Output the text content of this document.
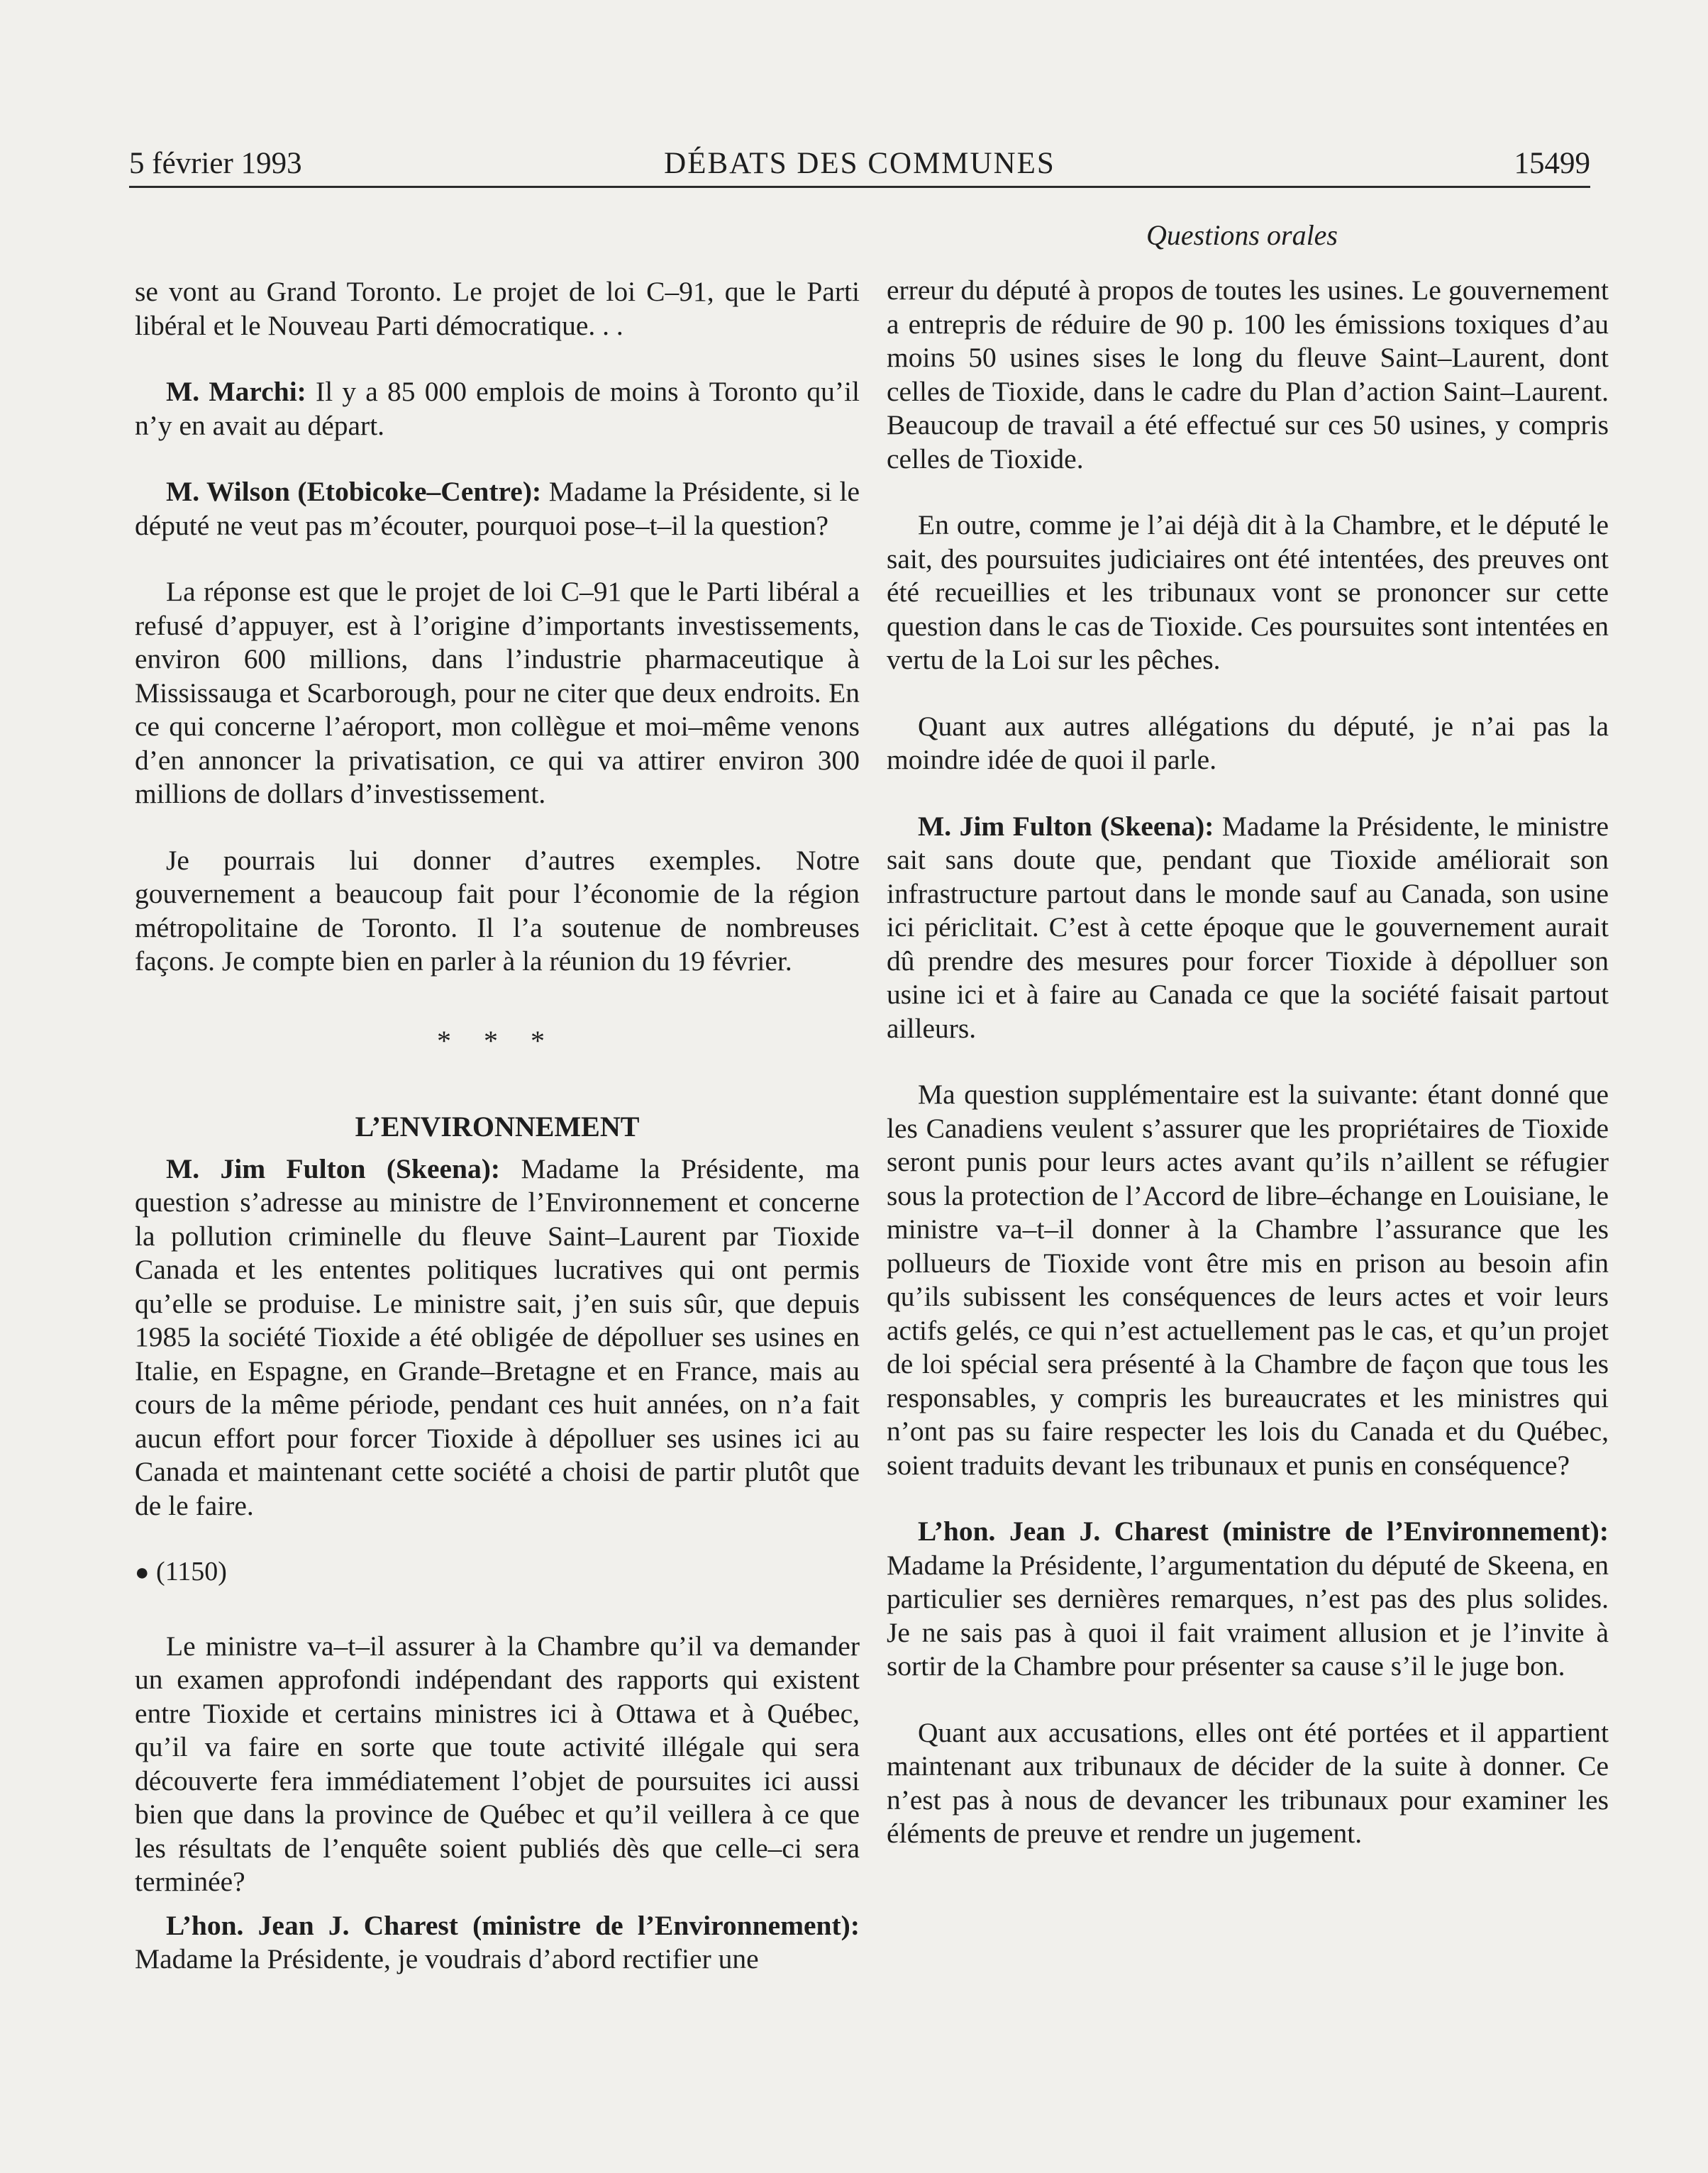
5 février 1993	DÉBATS DES COMMUNES	15499
Questions orales

se vont au Grand Toronto. Le projet de loi C–91, que le Parti libéral et le Nouveau Parti démocratique. . .

M. Marchi: Il y a 85 000 emplois de moins à Toronto qu’il n’y en avait au départ.

M. Wilson (Etobicoke–Centre): Madame la Présidente, si le député ne veut pas m’écouter, pourquoi pose–t–il la question?

La réponse est que le projet de loi C–91 que le Parti libéral a refusé d’appuyer, est à l’origine d’importants investissements, environ 600 millions, dans l’industrie pharmaceutique à Mississauga et Scarborough, pour ne citer que deux endroits. En ce qui concerne l’aéroport, mon collègue et moi–même venons d’en annoncer la privatisation, ce qui va attirer environ 300 millions de dollars d’investissement.

Je pourrais lui donner d’autres exemples. Notre gouvernement a beaucoup fait pour l’économie de la région métropolitaine de Toronto. Il l’a soutenue de nombreuses façons. Je compte bien en parler à la réunion du 19 février.

* * *
L’ENVIRONNEMENT

M. Jim Fulton (Skeena): Madame la Présidente, ma question s’adresse au ministre de l’Environnement et concerne la pollution criminelle du fleuve Saint–Laurent par Tioxide Canada et les ententes politiques lucratives qui ont permis qu’elle se produise. Le ministre sait, j’en suis sûr, que depuis 1985 la société Tioxide a été obligée de dépolluer ses usines en Italie, en Espagne, en Grande–Bretagne et en France, mais au cours de la même période, pendant ces huit années, on n’a fait aucun effort pour forcer Tioxide à dépolluer ses usines ici au Canada et maintenant cette société a choisi de partir plutôt que de le faire.

● (1150)

Le ministre va–t–il assurer à la Chambre qu’il va demander un examen approfondi indépendant des rapports qui existent entre Tioxide et certains ministres ici à Ottawa et à Québec, qu’il va faire en sorte que toute activité illégale qui sera découverte fera immédiatement l’objet de poursuites ici aussi bien que dans la province de Québec et qu’il veillera à ce que les résultats de l’enquête soient publiés dès que celle–ci sera terminée?

L’hon. Jean J. Charest (ministre de l’Environnement): Madame la Présidente, je voudrais d’abord rectifier une

erreur du député à propos de toutes les usines. Le gouvernement a entrepris de réduire de 90 p. 100 les émissions toxiques d’au moins 50 usines sises le long du fleuve Saint–Laurent, dont celles de Tioxide, dans le cadre du Plan d’action Saint–Laurent. Beaucoup de travail a été effectué sur ces 50 usines, y compris celles de Tioxide.

En outre, comme je l’ai déjà dit à la Chambre, et le député le sait, des poursuites judiciaires ont été intentées, des preuves ont été recueillies et les tribunaux vont se prononcer sur cette question dans le cas de Tioxide. Ces poursuites sont intentées en vertu de la Loi sur les pêches.

Quant aux autres allégations du député, je n’ai pas la moindre idée de quoi il parle.

M. Jim Fulton (Skeena): Madame la Présidente, le ministre sait sans doute que, pendant que Tioxide améliorait son infrastructure partout dans le monde sauf au Canada, son usine ici périclitait. C’est à cette époque que le gouvernement aurait dû prendre des mesures pour forcer Tioxide à dépolluer son usine ici et à faire au Canada ce que la société faisait partout ailleurs.

Ma question supplémentaire est la suivante: étant donné que les Canadiens veulent s’assurer que les propriétaires de Tioxide seront punis pour leurs actes avant qu’ils n’aillent se réfugier sous la protection de l’Accord de libre–échange en Louisiane, le ministre va–t–il donner à la Chambre l’assurance que les pollueurs de Tioxide vont être mis en prison au besoin afin qu’ils subissent les conséquences de leurs actes et voir leurs actifs gelés, ce qui n’est actuellement pas le cas, et qu’un projet de loi spécial sera présenté à la Chambre de façon que tous les responsables, y compris les bureaucrates et les ministres qui n’ont pas su faire respecter les lois du Canada et du Québec, soient traduits devant les tribunaux et punis en conséquence?

L’hon. Jean J. Charest (ministre de l’Environnement): Madame la Présidente, l’argumentation du député de Skeena, en particulier ses dernières remarques, n’est pas des plus solides. Je ne sais pas à quoi il fait vraiment allusion et je l’invite à sortir de la Chambre pour présenter sa cause s’il le juge bon.

Quant aux accusations, elles ont été portées et il appartient maintenant aux tribunaux de décider de la suite à donner. Ce n’est pas à nous de devancer les tribunaux pour examiner les éléments de preuve et rendre un jugement.
